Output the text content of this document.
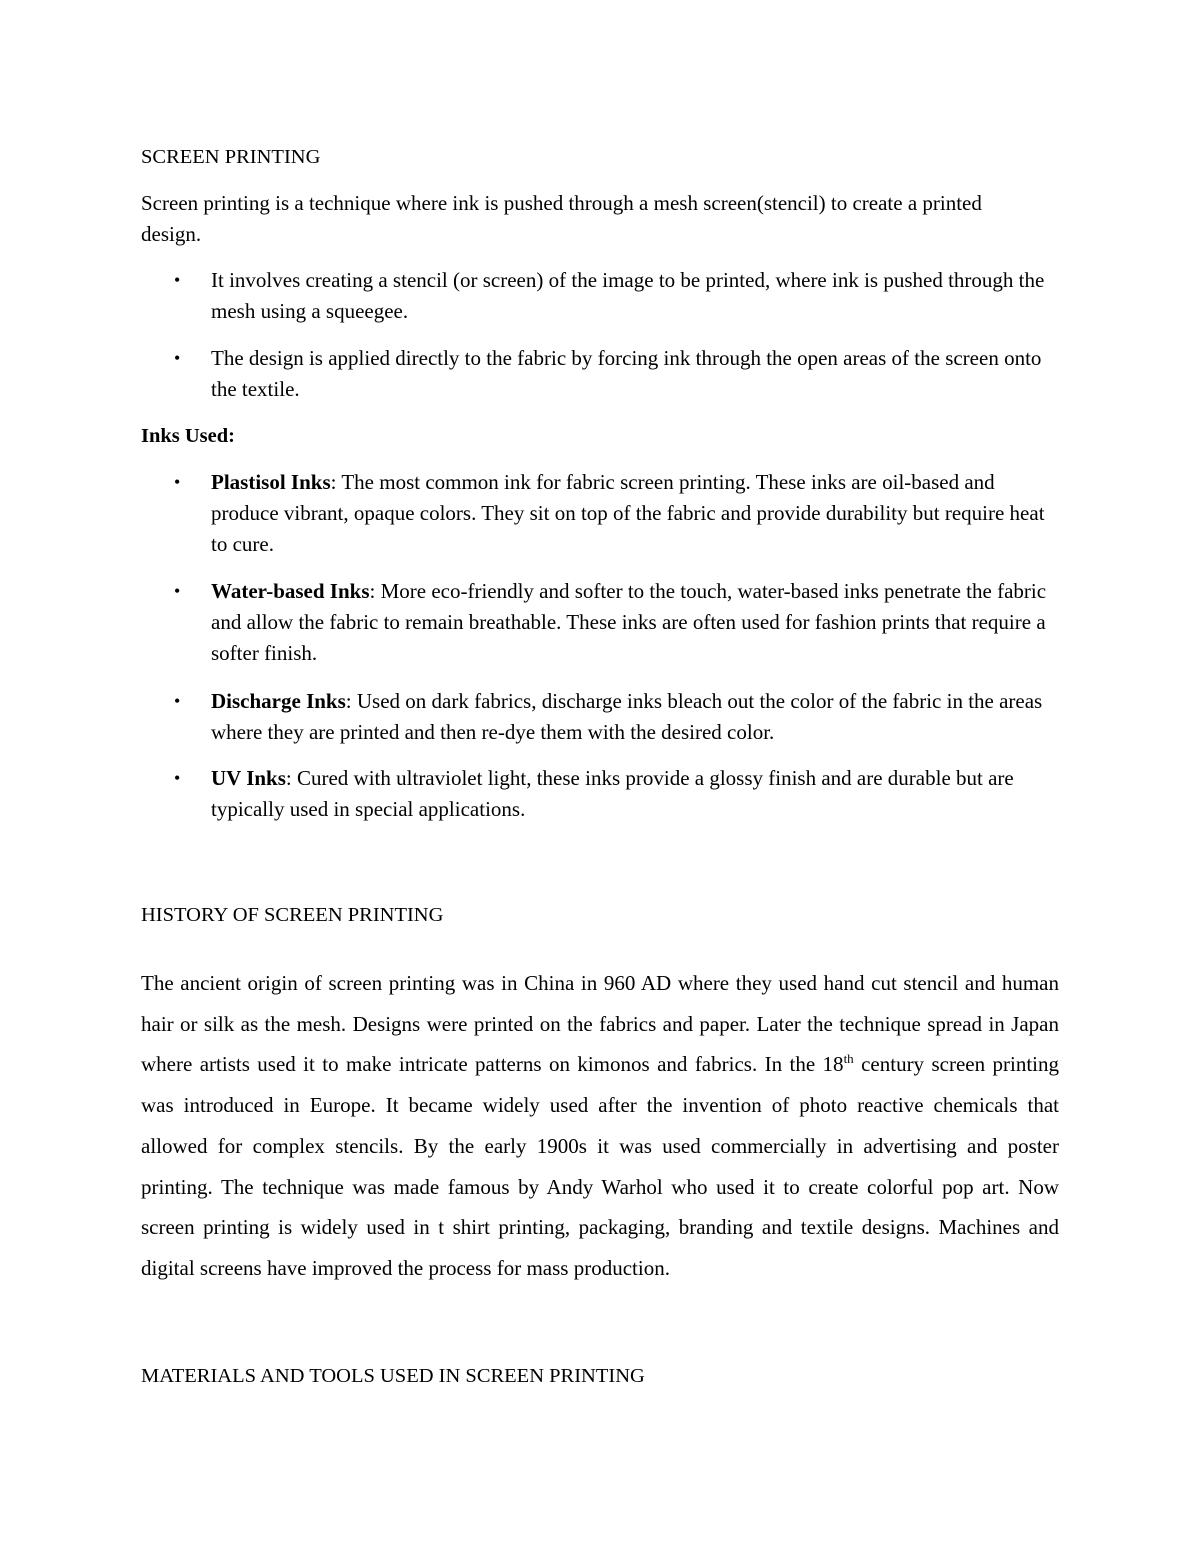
SCREEN PRINTING

Screen printing is a technique where ink is pushed through a mesh screen(stencil) to create a printed design.

• It involves creating a stencil (or screen) of the image to be printed, where ink is pushed through the mesh using a squeegee.
• The design is applied directly to the fabric by forcing ink through the open areas of the screen onto the textile.
Inks Used:
• Plastisol Inks: The most common ink for fabric screen printing. These inks are oil-based and produce vibrant, opaque colors. They sit on top of the fabric and provide durability but require heat to cure.
• Water-based Inks: More eco-friendly and softer to the touch, water-based inks penetrate the fabric and allow the fabric to remain breathable. These inks are often used for fashion prints that require a softer finish.
• Discharge Inks: Used on dark fabrics, discharge inks bleach out the color of the fabric in the areas where they are printed and then re-dye them with the desired color.
• UV Inks: Cured with ultraviolet light, these inks provide a glossy finish and are durable but are typically used in special applications.
HISTORY OF SCREEN PRINTING

The ancient origin of screen printing was in China in 960 AD where they used hand cut stencil and human hair or silk as the mesh. Designs were printed on the fabrics and paper. Later the technique spread in Japan where artists used it to make intricate patterns on kimonos and fabrics. In the 18th century screen printing was introduced in Europe. It became widely used after the invention of photo reactive chemicals that allowed for complex stencils. By the early 1900s it was used commercially in advertising and poster printing. The technique was made famous by Andy Warhol who used it to create colorful pop art. Now screen printing is widely used in t shirt printing, packaging, branding and textile designs. Machines and digital screens have improved the process for mass production.

MATERIALS AND TOOLS USED IN SCREEN PRINTING
